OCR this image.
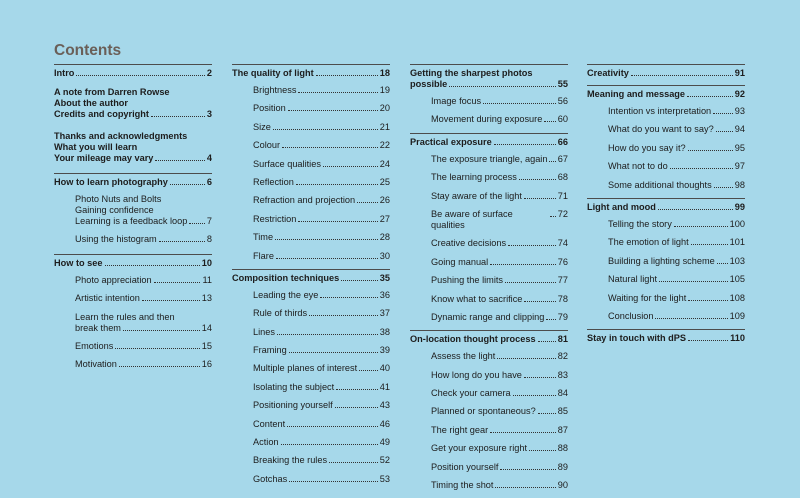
Contents
Intro	2
A note from Darren Rowse
About the author
Credits and copyright	3
Thanks and acknowledgments
What you will learn
Your mileage may vary	4
How to learn photography	6
Photo Nuts and Bolts
Gaining confidence
Learning is a feedback loop 7
Using the histogram	8
How to see	10
Photo appreciation	11
Artistic intention	13
Learn the rules and then
break them	14
Emotions	15
Motivation	16
The quality of light	18
Brightness	19
Position	20
Size	21
Colour	22
Surface qualities	24
Reflection	25
Refraction and projection	26
Restriction	27
Time	28
Flare	30
Composition techniques	35
Leading the eye	36
Rule of thirds	37
Lines	38
Framing	39
Multiple planes of interest 40
Isolating the subject	41
Positioning yourself	43
Content	46
Action	49
Breaking the rules	52
Gotchas	53
Getting the sharpest photos
possible	55
Image focus	56
Movement during exposure 60
Practical exposure	66
The exposure triangle, again 67
The learning process	68
Stay aware of the light	71
Be aware of surface qualities
72
Creative decisions	74
Going manual	76
Pushing the limits	77
Know what to sacrifice	78
Dynamic range and clipping 79
On-location thought process 81
Assess the light	82
How long do you have	83
Check your camera	84
Planned or spontaneous? 85
The right gear	87
Get your exposure right	88
Position yourself	89
Timing the shot	90
Creativity	91
Meaning and message	92
Intention vs interpretation	93
What do you want to say? 94
How do you say it?	95
What not to do	97
Some additional thoughts	98
Light and mood	99
Telling the story	100
The emotion of light	101
Building a lighting scheme 103
Natural light	105
Waiting for the light	108
Conclusion	109
Stay in touch with dPS	110
